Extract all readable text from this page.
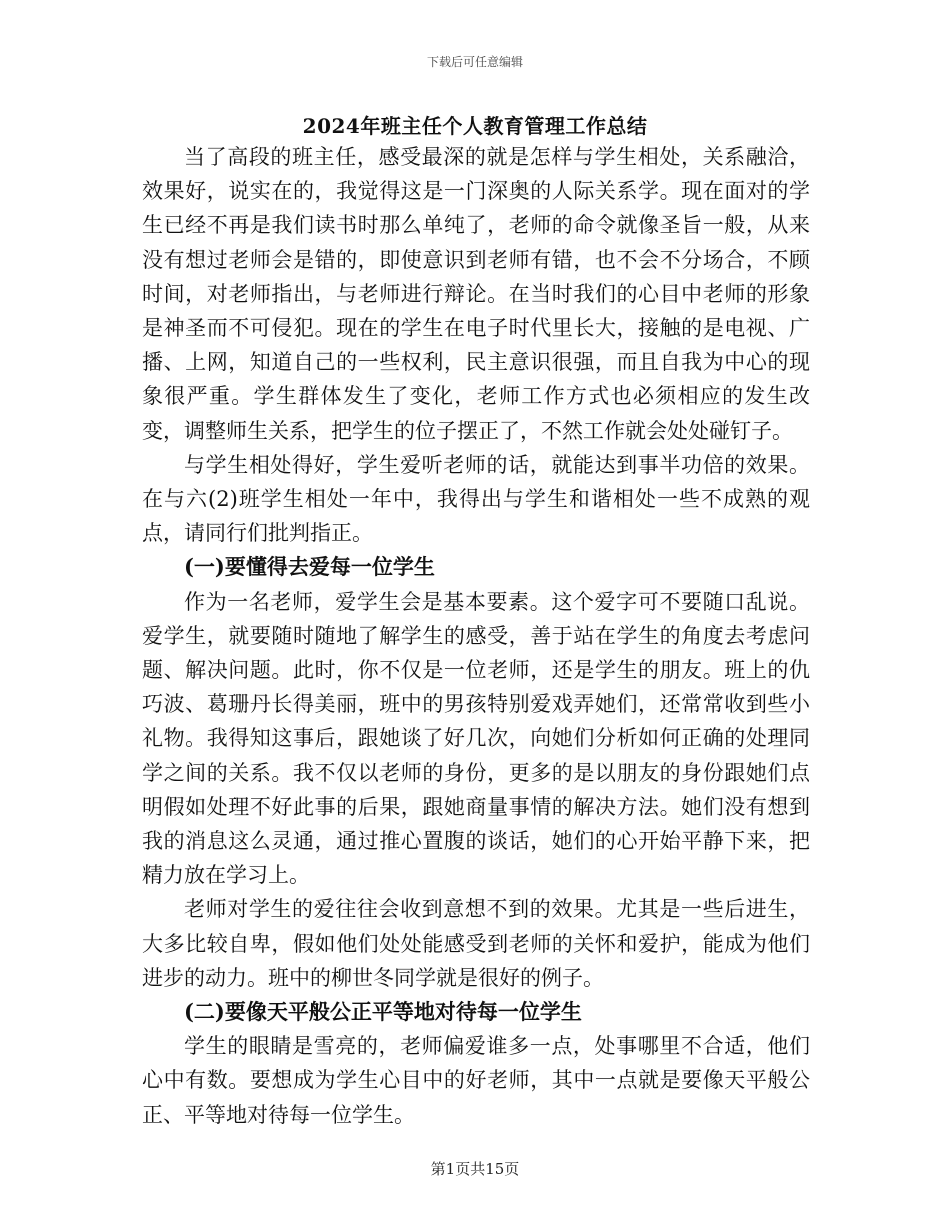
下载后可任意编辑
2024年班主任个人教育管理工作总结

当了高段的班主任，感受最深的就是怎样与学生相处，关系融洽，效果好，说实在的，我觉得这是一门深奥的人际关系学。现在面对的学生已经不再是我们读书时那么单纯了，老师的命令就像圣旨一般，从来没有想过老师会是错的，即使意识到老师有错，也不会不分场合，不顾时间，对老师指出，与老师进行辩论。在当时我们的心目中老师的形象是神圣而不可侵犯。现在的学生在电子时代里长大，接触的是电视、广播、上网，知道自己的一些权利，民主意识很强，而且自我为中心的现象很严重。学生群体发生了变化，老师工作方式也必须相应的发生改变，调整师生关系，把学生的位子摆正了，不然工作就会处处碰钉子。

与学生相处得好，学生爱听老师的话，就能达到事半功倍的效果。在与六(2)班学生相处一年中，我得出与学生和谐相处一些不成熟的观点，请同行们批判指正。

(一)要懂得去爱每一位学生

作为一名老师，爱学生会是基本要素。这个爱字可不要随口乱说。爱学生，就要随时随地了解学生的感受，善于站在学生的角度去考虑问题、解决问题。此时，你不仅是一位老师，还是学生的朋友。班上的仇巧波、葛珊丹长得美丽，班中的男孩特别爱戏弄她们，还常常收到些小礼物。我得知这事后，跟她谈了好几次，向她们分析如何正确的处理同学之间的关系。我不仅以老师的身份，更多的是以朋友的身份跟她们点明假如处理不好此事的后果，跟她商量事情的解决方法。她们没有想到我的消息这么灵通，通过推心置腹的谈话，她们的心开始平静下来，把精力放在学习上。

老师对学生的爱往往会收到意想不到的效果。尤其是一些后进生，大多比较自卑，假如他们处处能感受到老师的关怀和爱护，能成为他们进步的动力。班中的柳世冬同学就是很好的例子。

(二)要像天平般公正平等地对待每一位学生

学生的眼睛是雪亮的，老师偏爱谁多一点，处事哪里不合适，他们心中有数。要想成为学生心目中的好老师，其中一点就是要像天平般公正、平等地对待每一位学生。

第1页共15页
